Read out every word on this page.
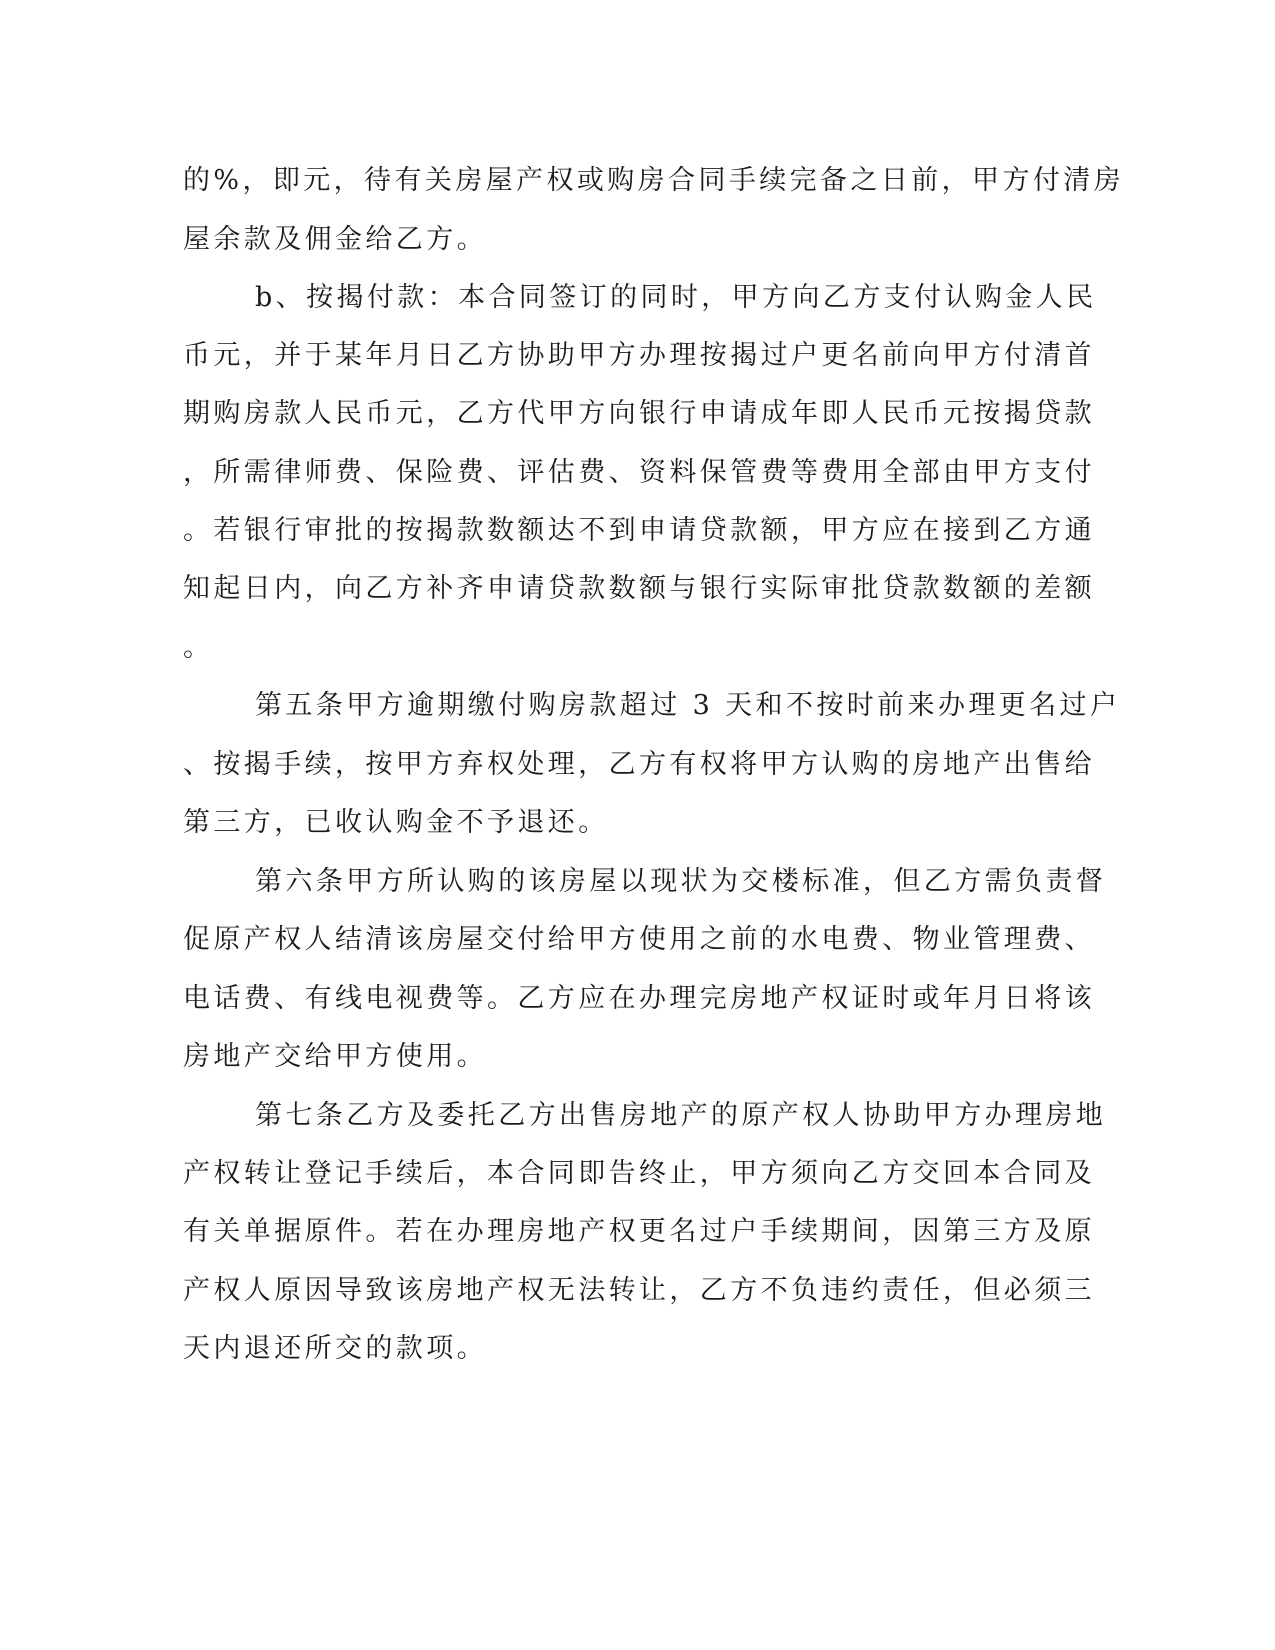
的%，即元，待有关房屋产权或购房合同手续完备之日前，甲方付清房
屋余款及佣金给乙方。
b、按揭付款：本合同签订的同时，甲方向乙方支付认购金人民
币元，并于某年月日乙方协助甲方办理按揭过户更名前向甲方付清首
期购房款人民币元，乙方代甲方向银行申请成年即人民币元按揭贷款
，所需律师费、保险费、评估费、资料保管费等费用全部由甲方支付
。若银行审批的按揭款数额达不到申请贷款额，甲方应在接到乙方通
知起日内，向乙方补齐申请贷款数额与银行实际审批贷款数额的差额
。
第五条甲方逾期缴付购房款超过 3 天和不按时前来办理更名过户
、按揭手续，按甲方弃权处理，乙方有权将甲方认购的房地产出售给
第三方，已收认购金不予退还。
第六条甲方所认购的该房屋以现状为交楼标准，但乙方需负责督
促原产权人结清该房屋交付给甲方使用之前的水电费、物业管理费、
电话费、有线电视费等。乙方应在办理完房地产权证时或年月日将该
房地产交给甲方使用。
第七条乙方及委托乙方出售房地产的原产权人协助甲方办理房地
产权转让登记手续后，本合同即告终止，甲方须向乙方交回本合同及
有关单据原件。若在办理房地产权更名过户手续期间，因第三方及原
产权人原因导致该房地产权无法转让，乙方不负违约责任，但必须三
天内退还所交的款项。
